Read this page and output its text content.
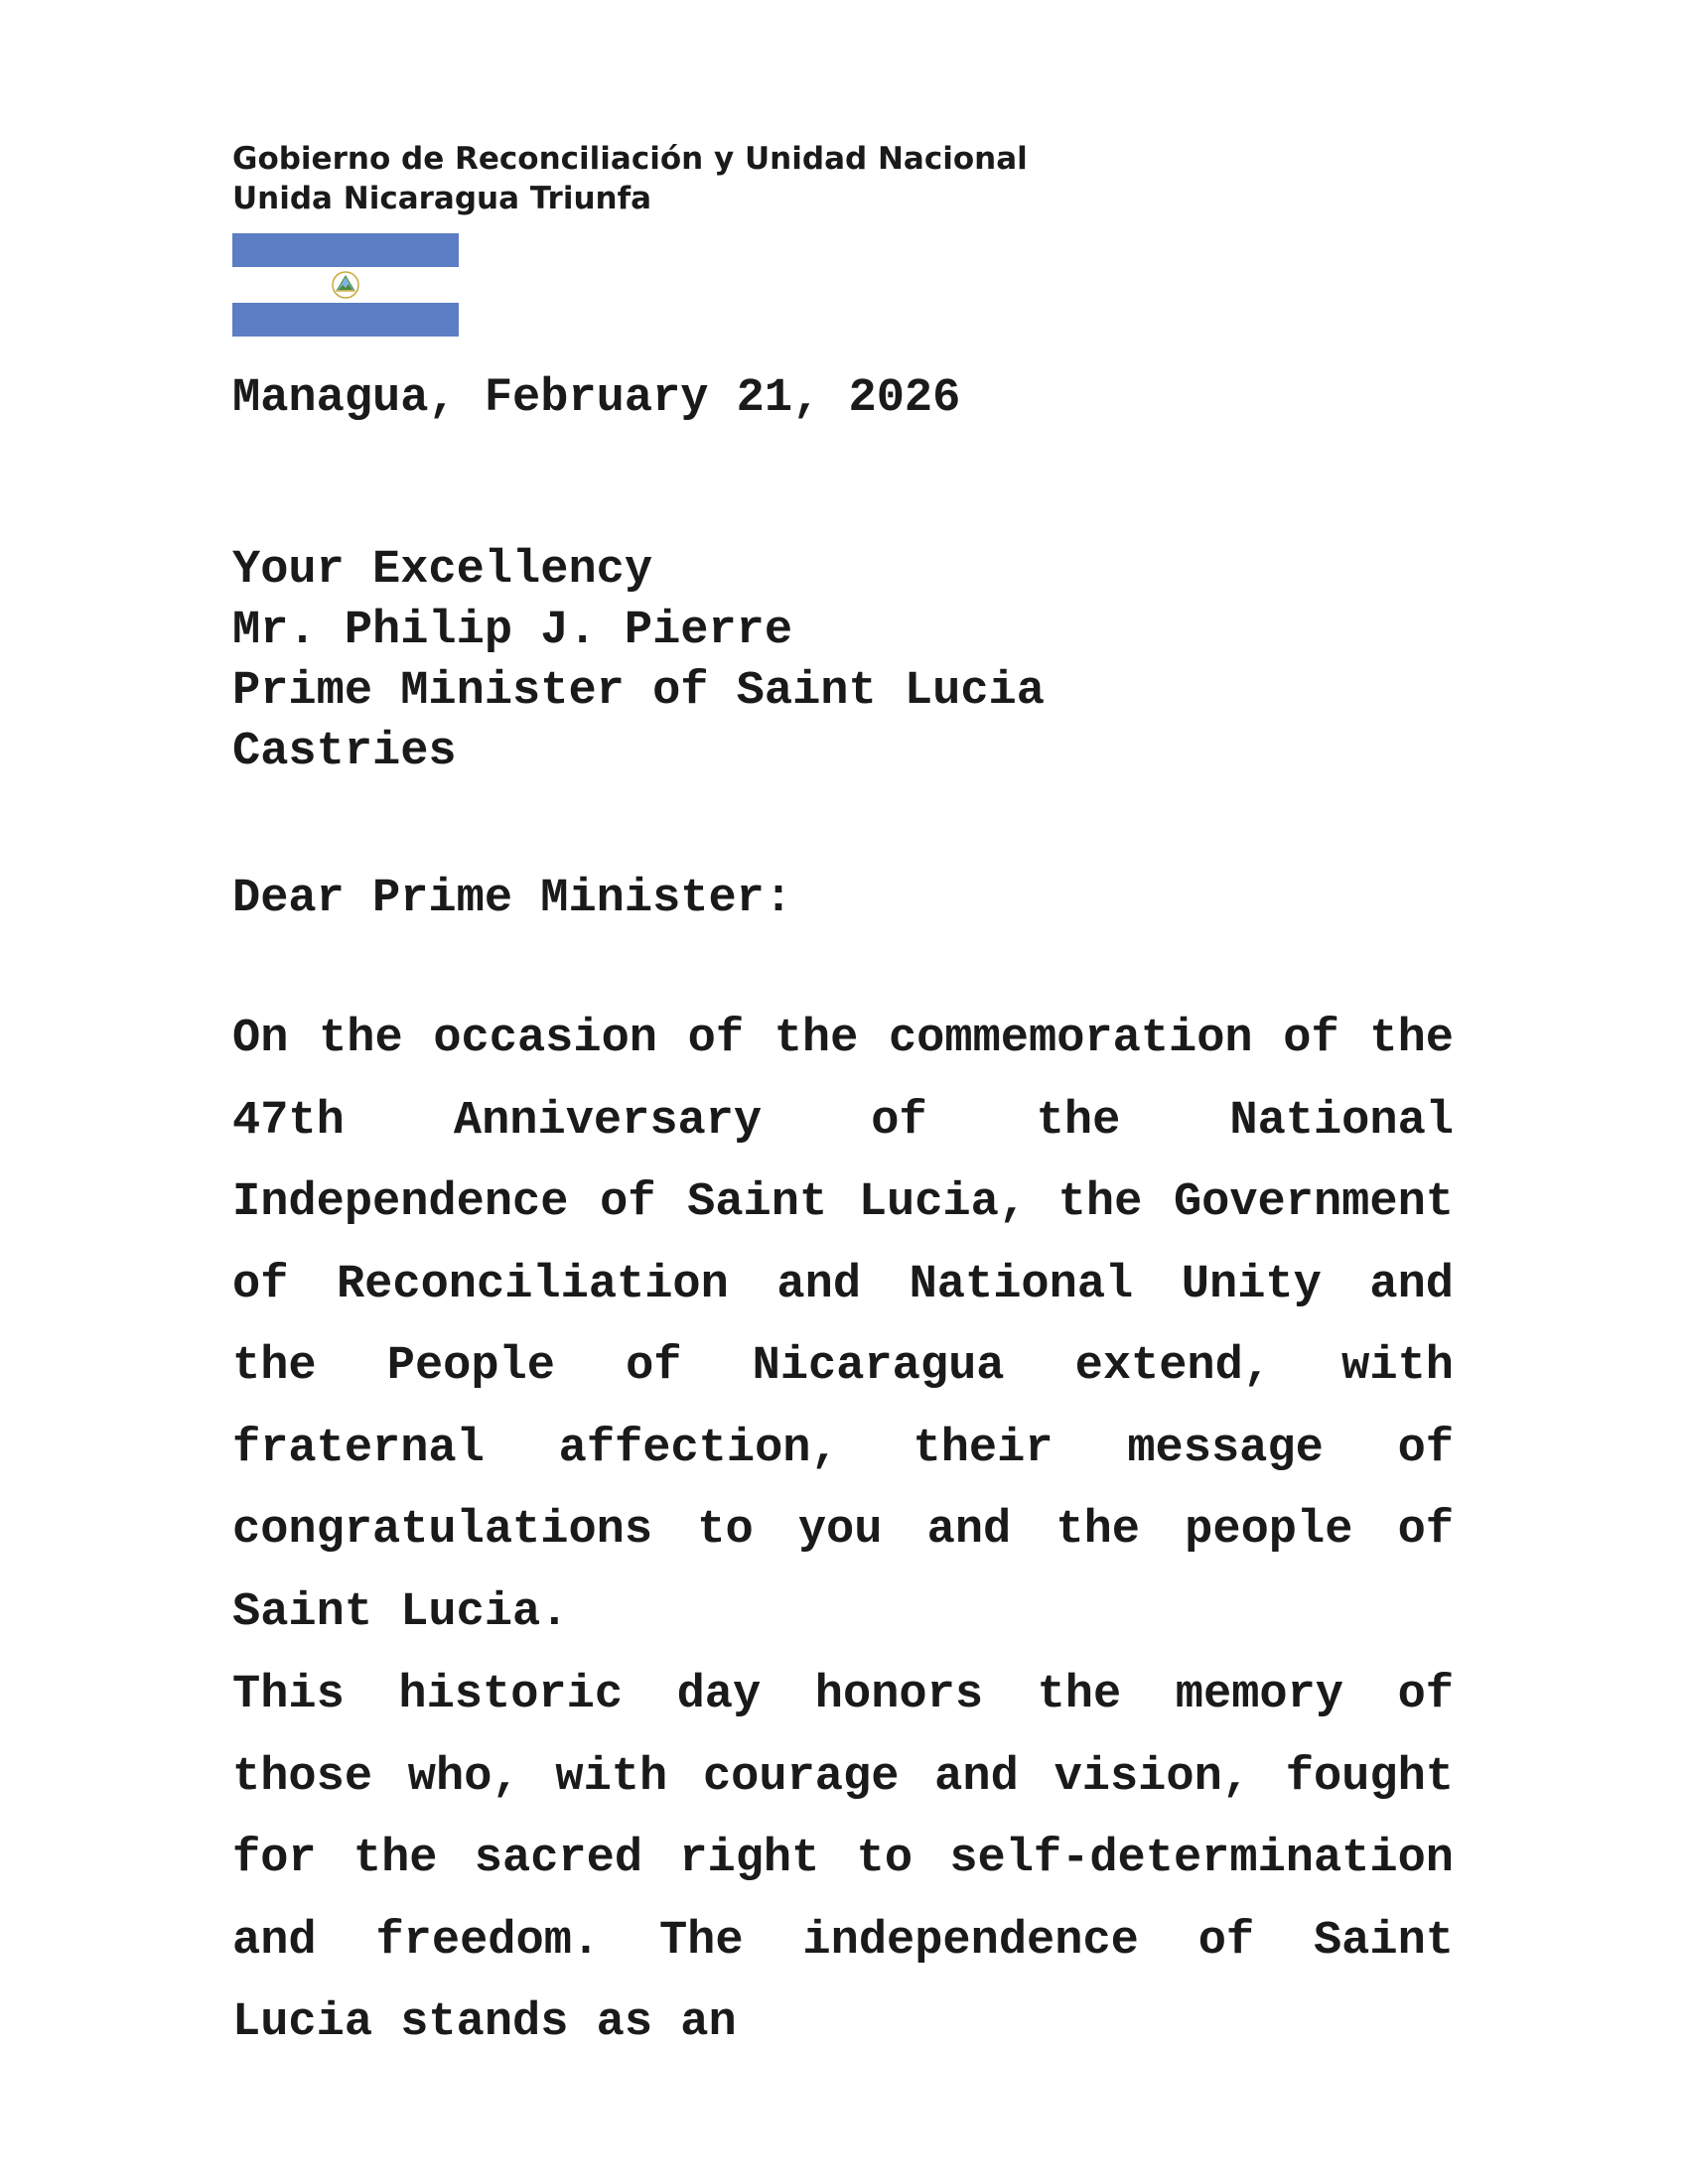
Gobierno de Reconciliación y Unidad Nacional
Unida Nicaragua Triunfa
Managua, February 21, 2026
Your Excellency
Mr. Philip J. Pierre
Prime Minister of Saint Lucia
Castries
Dear Prime Minister:

On the occasion of the commemoration of the 47th Anniversary of the National Independence of Saint Lucia, the Government of Reconciliation and National Unity and the People of Nicaragua extend, with fraternal affection, their message of congratulations to you and the people of Saint Lucia.

This historic day honors the memory of those who, with courage and vision, fought for the sacred right to self-determination and freedom. The independence of Saint Lucia stands as an
